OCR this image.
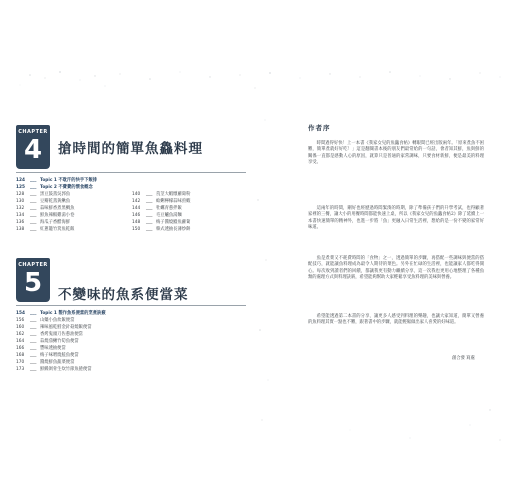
CHAPTER
4	搶時間的簡單魚鱻料理
124 ___ Topic 1 不耽汗的快手下飯排
125 ___ Topic 2 不費費的懷食概念
128 ___ 黑豆鼓蒸吳郭魚
130 ___ 豆瓣乾蒸黃鰍魚
132 ___ 蒜味鮮香煮黑鯛魚
134 ___ 鮮魚辣椒雞湯小卷
136 ___ 海瓜子香醋海鮮
138 ___ 紅蔥籠竹箕魚乾飯
140 ___ 莨莖大蝦燉蘿蔔粉
142 ___ 蛤蜊檸檬蒜味煎蝦
144 ___ 牡蠣青蔥拌飯
146 ___ 毛豆鱸魚湯麵
148 ___ 梅子醬燒鰭魚蘿蔔
150 ___ 韓式透抽長薄炒餅
CHAPTER
5	不變味的魚系便當菜
154 ___ Topic 1 製作魚系便當的烹煮訣竅
156 ___ 山藥小魚炊飯便當
160 ___ 辣味風乾鱈金針菇燒飯便當
162 ___ 香烤鬼頭刀佐蔥油便當
164 ___ 蒜燒茄鰍竹筍魚便當
166 ___ 豐味透抽便當
168 ___ 梅子味噌燒鮭魚便當
170 ___ 醬燒鮮魚蔬菜便當
173 ___ 鮮鰻剝骨生炊竹節魚捲便當
作者序

時間過得好快！上一本書《我家女兒的魚鱻食帖》轉眼間已經出版兩年。「原來煮魚不困難，簡單煮就好好吃！」這是翻閱書本後的朋友們最常給的一句話，會者知其鮮，魚與鮮的關係一直都是感動人心的原因，就算只是普通的家常調味，只要食材新鮮，便是最美的料理享受。

這兩年的時間，剛好也經歷過時間緊湊的時期，除了準備孩子們的升學考試，也得顧著家裡的三餐，讓大小的用餐時間都能快速上桌，所以《我家女兒的魚鱻食帖2》除了延續上一本書快速簡單的精神外，也進一步將「魚」更融入日常生活裡，想給的是一份不變的家常好味道。

魚是煮菜又不耗費時間的「食物」之一，透過簡單的步驟，再搭配一些調味與便當的搭配技巧，就能讓魚料理成為最令人期待的菜色。另外在忙碌的生活裡，也能讓家人都吃得開心。每次收到讀者們的回饋，都讓我更有動力繼續分享，這一次我也更用心地整理了各種魚類的處理方式與料理訣竅，希望能夠幫助大家輕鬆享受魚料理的美味與營養。

希望能透過第二本書的分享，讓更多人感受到料理的樂趣，也讓大家知道，簡單又營養的魚料理其實一點也不難，跟著書中的步驟，就能輕鬆做出家人喜愛的好味道。

創合發 寫處
